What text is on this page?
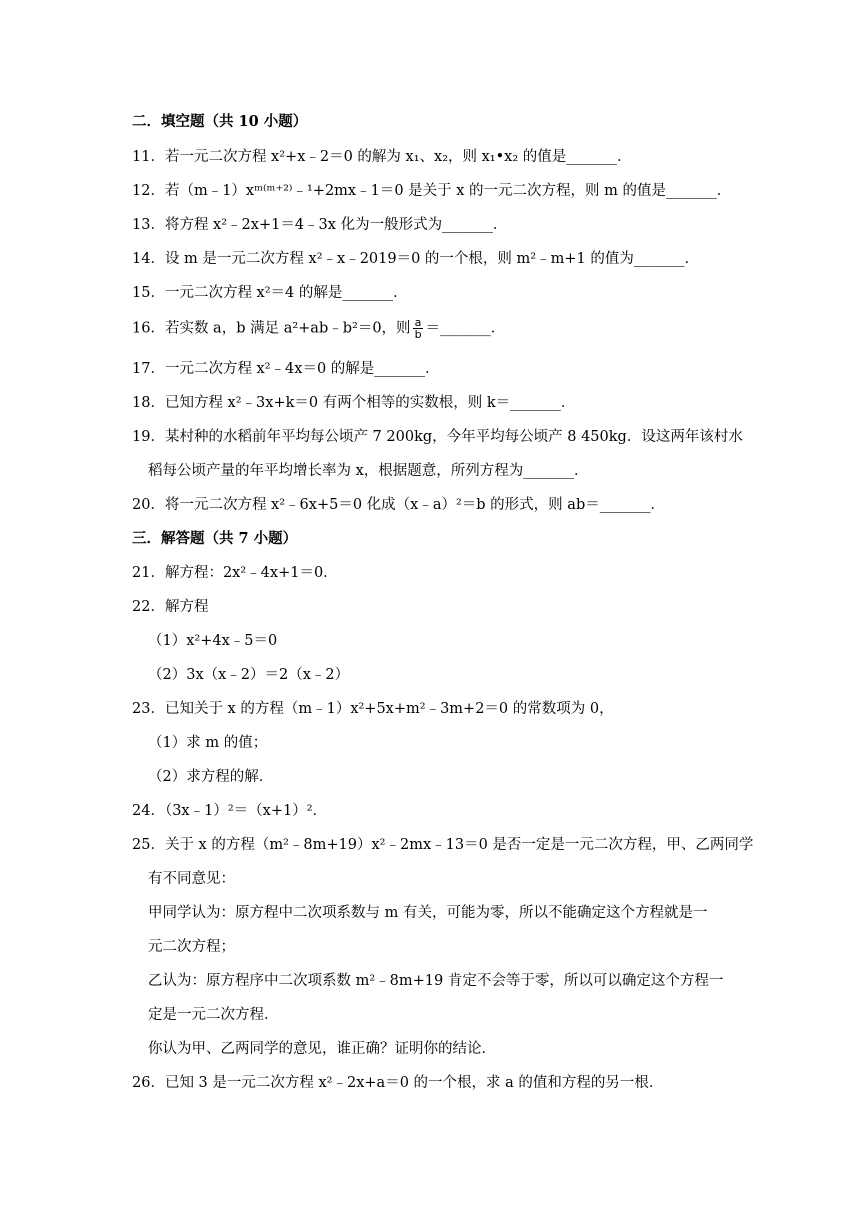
二．填空题（共 10 小题）
11．若一元二次方程 x²+x﹣2＝0 的解为 x₁、x₂，则 x₁•x₂ 的值是_______．
12．若（m﹣1）xᵐ⁽ᵐ⁺²⁾﹣¹+2mx﹣1＝0 是关于 x 的一元二次方程，则 m 的值是_______．
13．将方程 x²﹣2x+1＝4﹣3x 化为一般形式为_______．
14．设 m 是一元二次方程 x²﹣x﹣2019＝0 的一个根，则 m²﹣m+1 的值为_______．
15．一元二次方程 x²＝4 的解是_______．
16．若实数 a，b 满足 a²+ab﹣b²＝0，则 $\frac{a}{b}$ ＝_______．
17．一元二次方程 x²﹣4x＝0 的解是_______．
18．已知方程 x²﹣3x+k＝0 有两个相等的实数根，则 k＝_______．
19．某村种的水稻前年平均每公顷产 7 200kg，今年平均每公顷产 8 450kg．设这两年该村水
稻每公顷产量的年平均增长率为 x，根据题意，所列方程为_______．
20．将一元二次方程 x²﹣6x+5＝0 化成（x﹣a）²＝b 的形式，则 ab＝_______．
三．解答题（共 7 小题）
21．解方程：2x²﹣4x+1＝0．
22．解方程
（1）x²+4x﹣5＝0
（2）3x（x﹣2）＝2（x﹣2）
23．已知关于 x 的方程（m﹣1）x²+5x+m²﹣3m+2＝0 的常数项为 0，
（1）求 m 的值；
（2）求方程的解．
24．（3x﹣1）²＝（x+1）²．
25．关于 x 的方程（m²﹣8m+19）x²﹣2mx﹣13＝0 是否一定是一元二次方程，甲、乙两同学
有不同意见：
甲同学认为：原方程中二次项系数与 m 有关，可能为零，所以不能确定这个方程就是一
元二次方程；
乙认为：原方程序中二次项系数 m²﹣8m+19 肯定不会等于零，所以可以确定这个方程一
定是一元二次方程．
你认为甲、乙两同学的意见，谁正确？证明你的结论．
26．已知 3 是一元二次方程 x²﹣2x+a＝0 的一个根，求 a 的值和方程的另一根．
